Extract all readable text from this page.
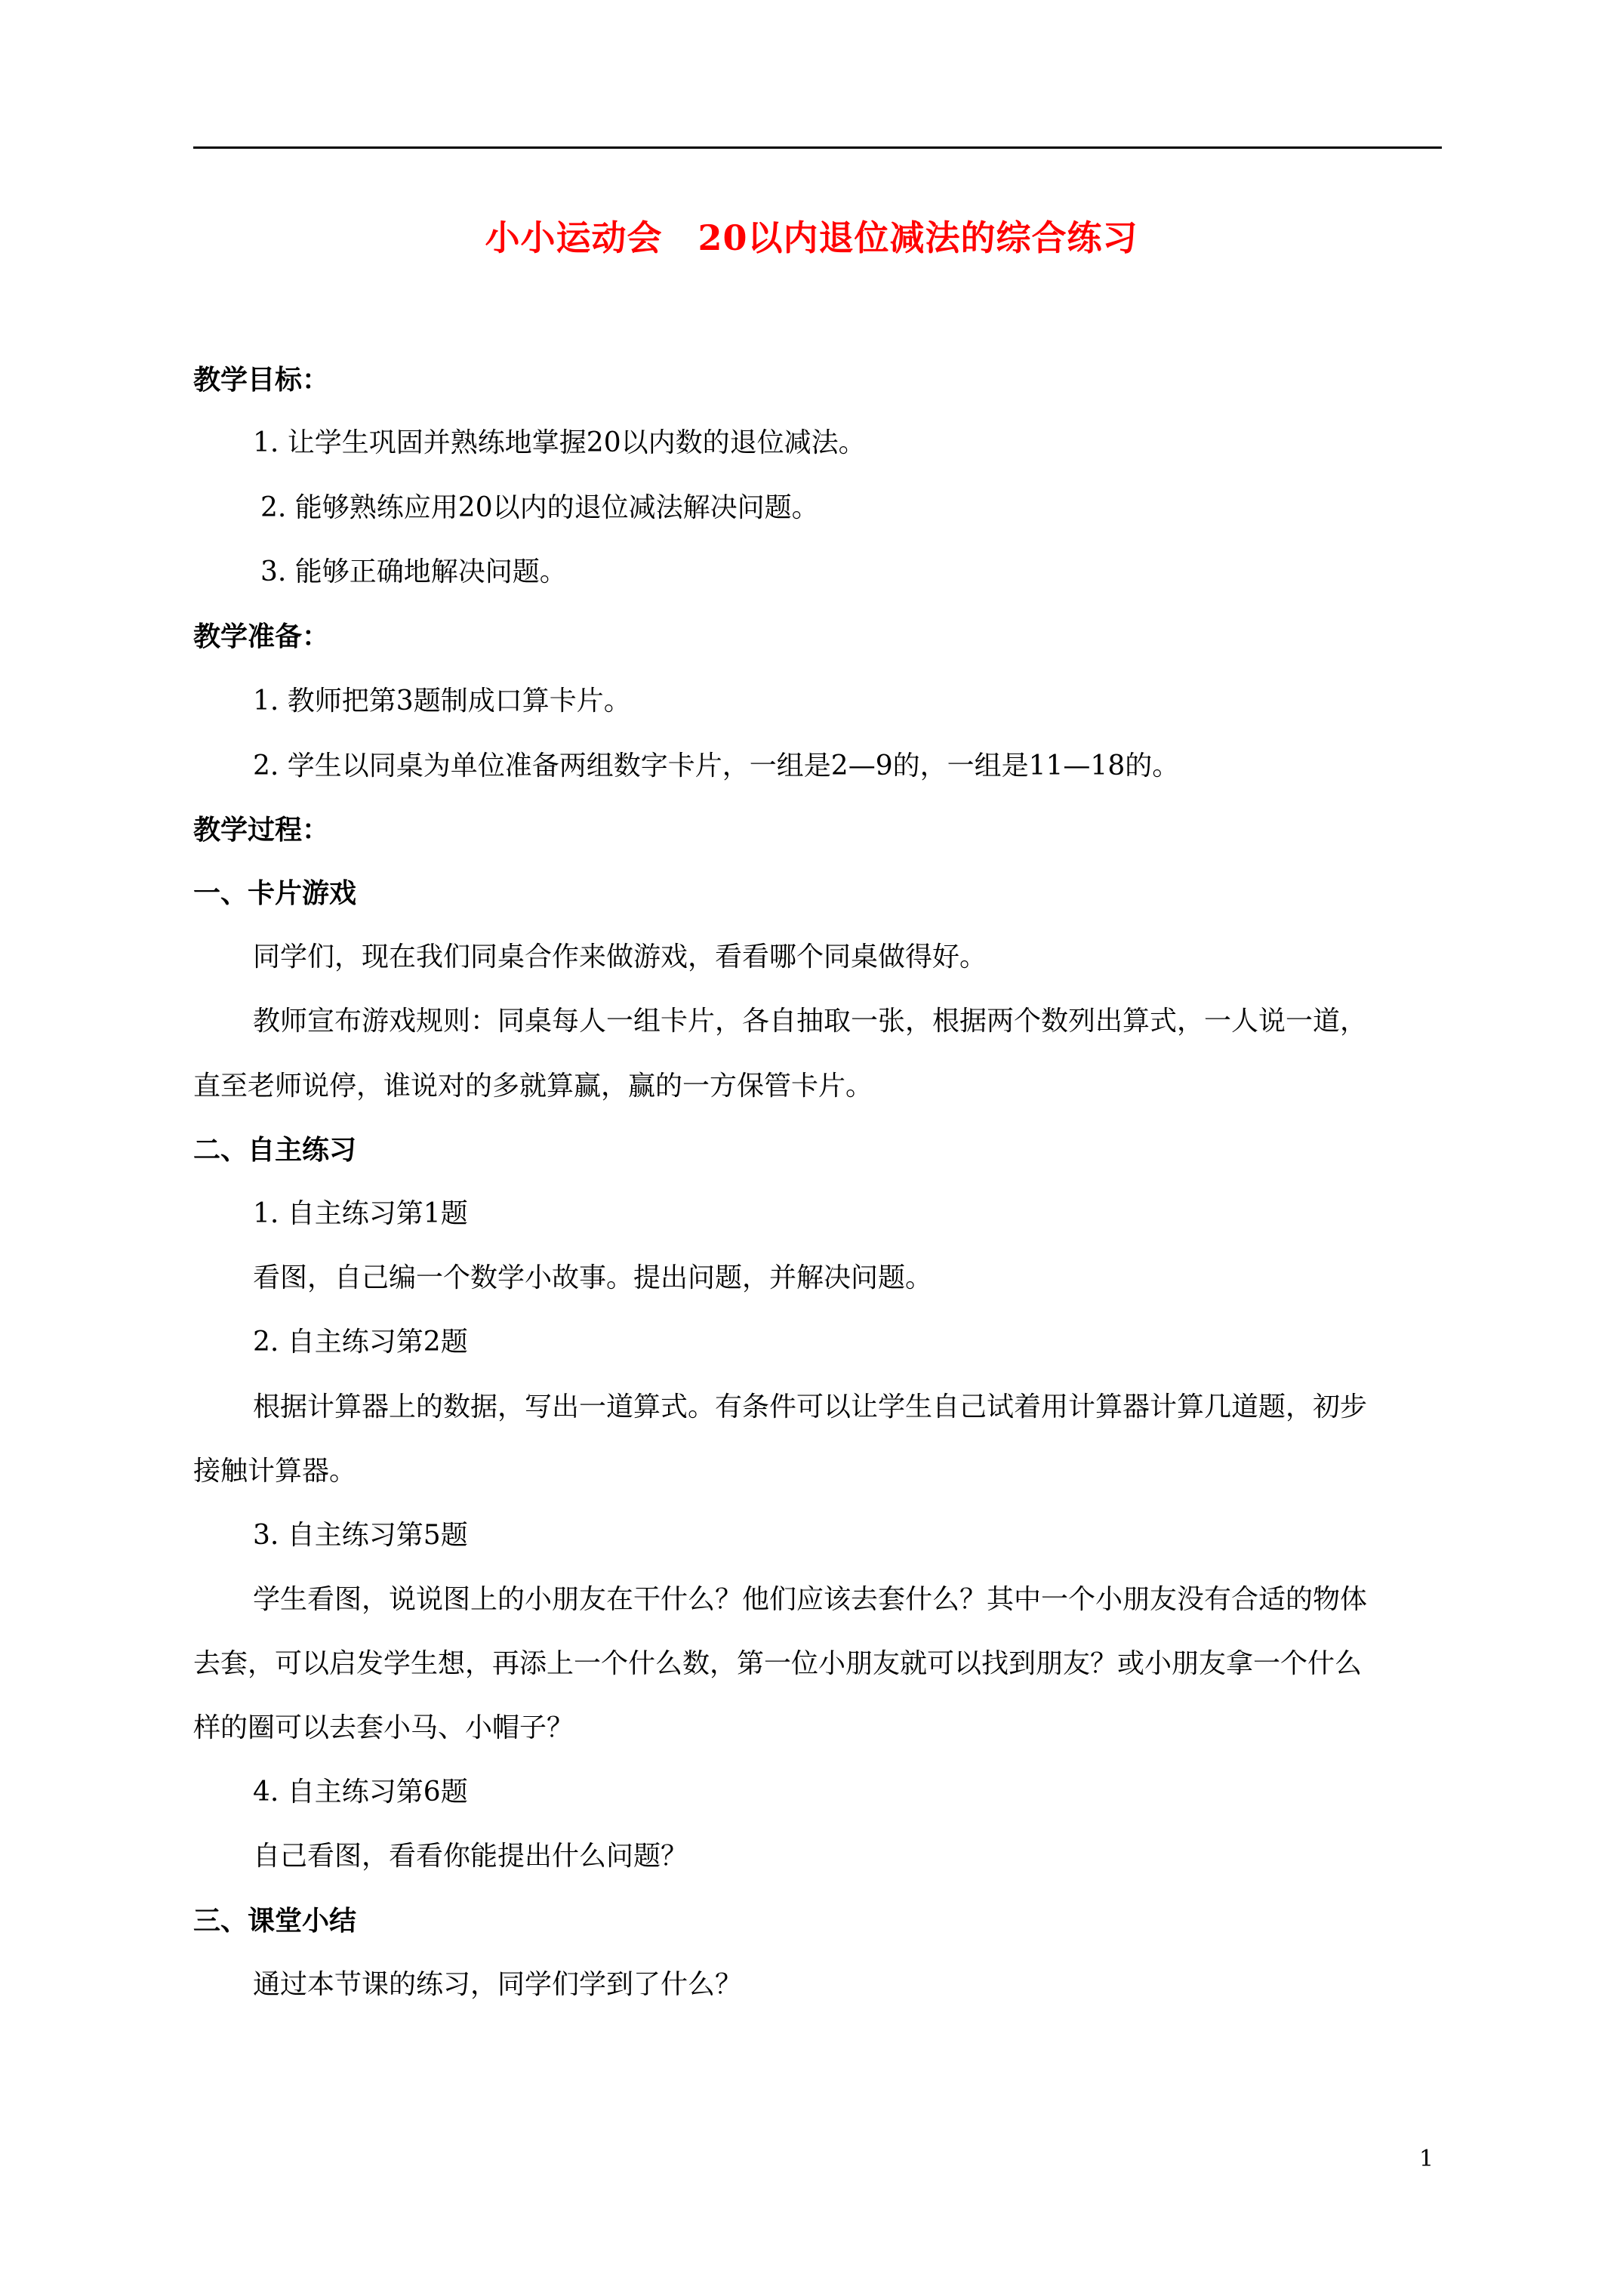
小小运动会　20以内退位减法的综合练习
教学目标：
1. 让学生巩固并熟练地掌握20以内数的退位减法。
2. 能够熟练应用20以内的退位减法解决问题。
3. 能够正确地解决问题。
教学准备：
1. 教师把第3题制成口算卡片。
2. 学生以同桌为单位准备两组数字卡片，一组是2—9的，一组是11—18的。
教学过程：
一、卡片游戏
同学们，现在我们同桌合作来做游戏，看看哪个同桌做得好。
教师宣布游戏规则：同桌每人一组卡片，各自抽取一张，根据两个数列出算式，一人说一道，
直至老师说停，谁说对的多就算赢，赢的一方保管卡片。
二、自主练习
1. 自主练习第1题
看图，自己编一个数学小故事。提出问题，并解决问题。
2. 自主练习第2题
根据计算器上的数据，写出一道算式。有条件可以让学生自己试着用计算器计算几道题，初步
接触计算器。
3. 自主练习第5题
学生看图，说说图上的小朋友在干什么？他们应该去套什么？其中一个小朋友没有合适的物体
去套，可以启发学生想，再添上一个什么数，第一位小朋友就可以找到朋友？或小朋友拿一个什么
样的圈可以去套小马、小帽子？
4. 自主练习第6题
自己看图，看看你能提出什么问题？
三、课堂小结
通过本节课的练习，同学们学到了什么？
1
